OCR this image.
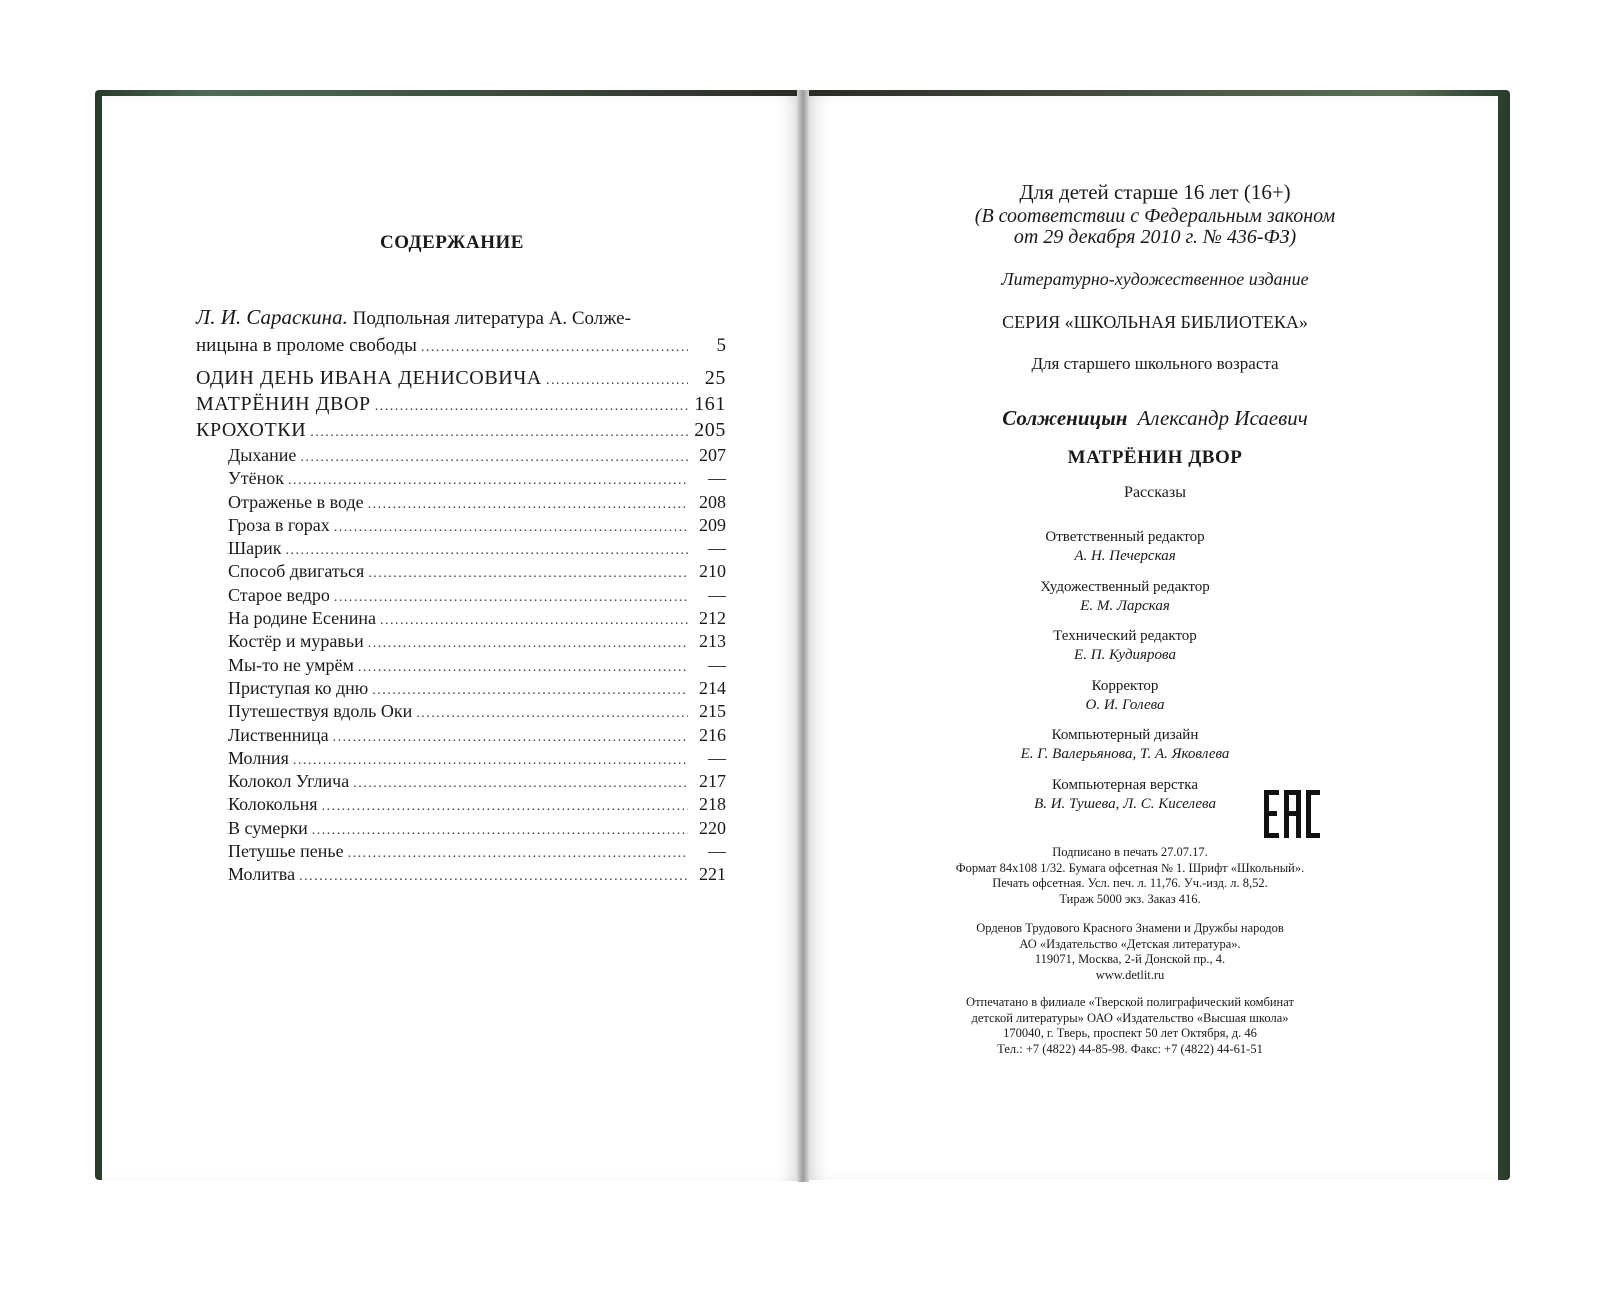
СОДЕРЖАНИЕ
Л. И. Сараскина. Подпольная литература А. Солже-
ницына в проломе свободы .....	5
ОДИН ДЕНЬ ИВАНА ДЕНИСОВИЧА .....	25
МАТРЁНИН ДВОР .....	161
КРОХОТКИ .....	205
Дыхание .....	207
Утёнок .....	—
Отраженье в воде .....	208
Гроза в горах .....	209
Шарик .....	—
Способ двигаться .....	210
Старое ведро .....	—
На родине Есенина .....	212
Костёр и муравьи .....	213
Мы-то не умрём .....	—
Приступая ко дню .....	214
Путешествуя вдоль Оки .....	215
Лиственница .....	216
Молния .....	—
Колокол Углича .....	217
Колокольня .....	218
В сумерки .....	220
Петушье пенье .....	—
Молитва .....	221
Для детей старше 16 лет (16+)
(В соответствии с Федеральным законом
от 29 декабря 2010 г. № 436-ФЗ)
Литературно-художественное издание
СЕРИЯ «ШКОЛЬНАЯ БИБЛИОТЕКА»
Для старшего школьного возраста
Солженицын Александр Исаевич
МАТРЁНИН ДВОР
Рассказы
Ответственный редактор
А. Н. Печерская
Художественный редактор
Е. М. Ларская
Технический редактор
Е. П. Кудиярова
Корректор
О. И. Голева
Компьютерный дизайн
Е. Г. Валерьянова, Т. А. Яковлева
Компьютерная верстка
В. И. Тушева, Л. С. Киселева
Подписано в печать 27.07.17.
Формат 84x108 1/32. Бумага офсетная № 1. Шрифт «Школьный».
Печать офсетная. Усл. печ. л. 11,76. Уч.-изд. л. 8,52.
Тираж 5000 экз. Заказ 416.
Орденов Трудового Красного Знамени и Дружбы народов
АО «Издательство «Детская литература».
119071, Москва, 2-й Донской пр., 4.
www.detlit.ru
Отпечатано в филиале «Тверской полиграфический комбинат
детской литературы» ОАО «Издательство «Высшая школа»
170040, г. Тверь, проспект 50 лет Октября, д. 46
Тел.: +7 (4822) 44-85-98. Факс: +7 (4822) 44-61-51
